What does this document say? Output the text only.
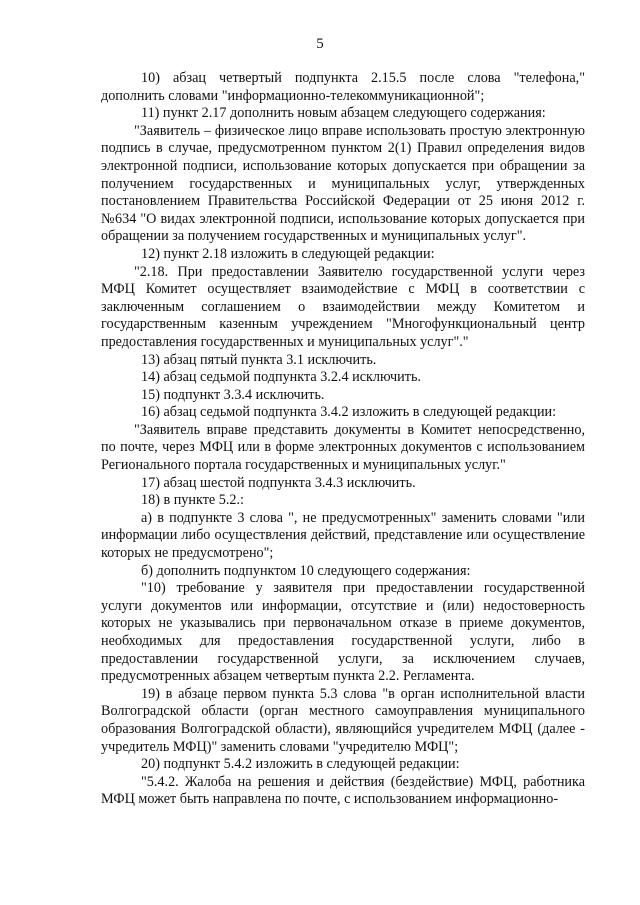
5

10) абзац четвертый подпункта 2.15.5 после слова "телефона," дополнить словами "информационно-телекоммуникационной";

11) пункт 2.17 дополнить новым абзацем следующего содержания:

"Заявитель – физическое лицо вправе использовать простую электронную подпись в случае, предусмотренном пунктом 2(1) Правил определения видов электронной подписи, использование которых допускается при обращении за получением государственных и муниципальных услуг, утвержденных постановлением Правительства Российской Федерации от 25 июня 2012 г. №634 "О видах электронной подписи, использование которых допускается при обращении за получением государственных и муниципальных услуг".

12) пункт 2.18 изложить в следующей редакции:

"2.18. При предоставлении Заявителю государственной услуги через МФЦ Комитет осуществляет взаимодействие с МФЦ в соответствии с заключенным соглашением о взаимодействии между Комитетом и государственным казенным учреждением "Многофункциональный центр предоставления государственных и муниципальных услуг"."

13) абзац пятый пункта 3.1 исключить.

14) абзац седьмой подпункта 3.2.4 исключить.

15) подпункт 3.3.4 исключить.

16) абзац седьмой подпункта 3.4.2 изложить в следующей редакции:

"Заявитель вправе представить документы в Комитет непосредственно, по почте, через МФЦ или в форме электронных документов с использованием Регионального портала государственных и муниципальных услуг."

17) абзац шестой подпункта 3.4.3 исключить.

18) в пункте 5.2.:

а) в подпункте 3 слова ", не предусмотренных" заменить словами "или информации либо осуществления действий, представление или осуществление которых не предусмотрено";

б) дополнить подпунктом 10 следующего содержания:

"10) требование у заявителя при предоставлении государственной услуги документов или информации, отсутствие и (или) недостоверность которых не указывались при первоначальном отказе в приеме документов, необходимых для предоставления государственной услуги, либо в предоставлении государственной услуги, за исключением случаев, предусмотренных абзацем четвертым пункта 2.2. Регламента.

19) в абзаце первом пункта 5.3 слова "в орган исполнительной власти Волгоградской области (орган местного самоуправления муниципального образования Волгоградской области), являющийся учредителем МФЦ (далее - учредитель МФЦ)" заменить словами "учредителю МФЦ";

20) подпункт 5.4.2 изложить в следующей редакции:

"5.4.2. Жалоба на решения и действия (бездействие) МФЦ, работника МФЦ может быть направлена по почте, с использованием информационно-
